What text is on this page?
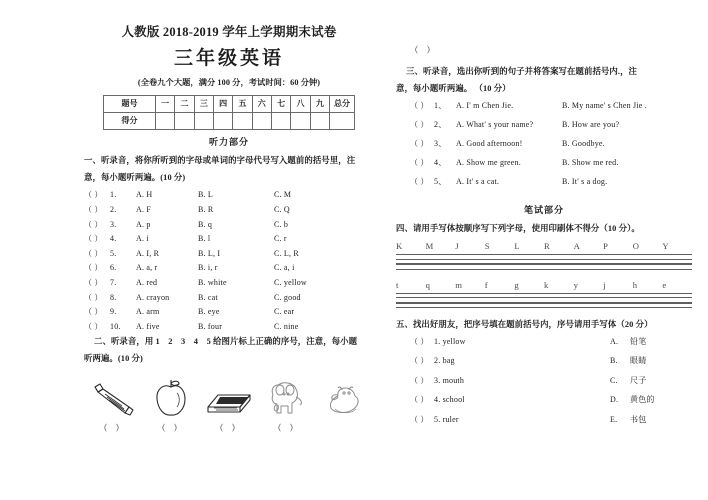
人教版 2018-2019 学年上学期期末试卷
三年级英语
(全卷九个大题，满分 100 分，考试时间：60 分钟)
题号	一	二	三	四	五	六	七	八	九	总分
得分										
听力部分
一、听录音，将你所听到的字母或单词的字母代号写入题前的括号里，注
意，每小题听两遍。(10 分)
（ ） 1.	A. H	B. L	C. M
（ ） 2.	A. F	B. R	C. Q
（ ） 3.	A. p	B. q	C. b
（ ） 4.	A. i	B. l	C. r
（ ） 5.	A. I, R	B. L, I	C. L, R
（ ） 6.	A. a, r	B. i, r	C. a, i
（ ） 7.	A. red	B. white	C. yellow
（ ） 8.	A. crayon	B. cat	C. good
（ ） 9.	A. arm	B. eye	C. ear
（ ） 10.	A. five	B. four	C. nine
二、听录音，用 1　2　3　4　5 给图片标上正确的序号，注意，每小题
听两遍。(10 分)
（ ）	（ ）	（ ）	（ ）
（ ）
三、听录音，选出你听到的句子并将答案写在题前括号内.，注
意，每小题听两遍。 （10 分）
（ ） 1、	A. I' m Chen Jie.	B. My name' s Chen Jie .
（ ） 2、	A. What' s your name?	B. How are you?
（ ） 3、	A. Good afternoon!	B. Goodbye.
（ ） 4、	A. Show me green.	B. Show me red.
（ ） 5、	A. It' s a cat.	B. It' s a dog.
笔试部分
四、请用手写体按顺序写下列字母，使用印刷体不得分（10 分）。
K	M	J	S	L	R	A	P	O	Y
t	q	m	f	g	k	y	j	h	e
五、找出好朋友，把序号填在题前括号内，序号请用手写体（20 分）
（ ） 1. yellow	A.	铅笔
（ ） 2. bag	B.	眼睛
（ ） 3. mouth	C.	尺子
（ ） 4. school	D.	黄色的
（ ） 5. ruler	E.	书包
